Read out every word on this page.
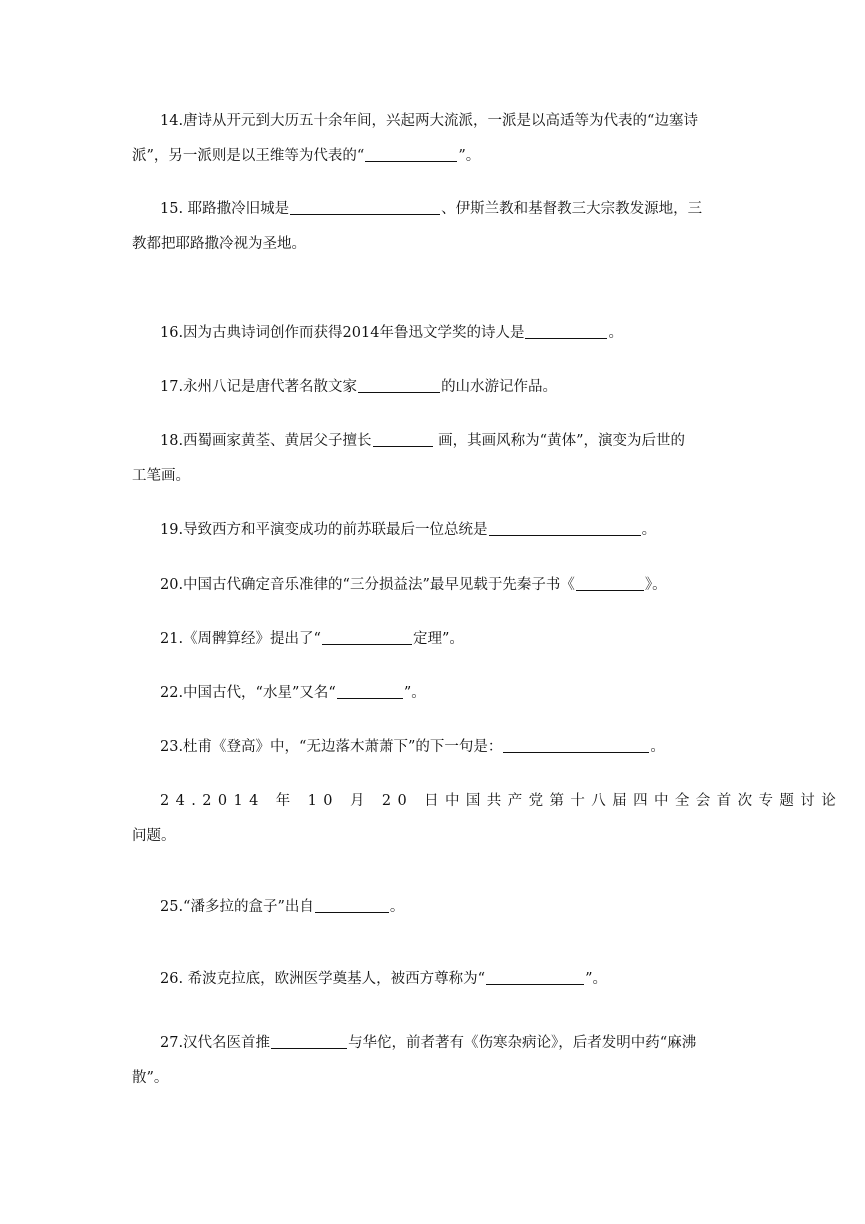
14.唐诗从开元到大历五十余年间，兴起两大流派，一派是以高适等为代表的“边塞诗
派”，另一派则是以王维等为代表的“	”。
15. 耶路撒冷旧城是	、伊斯兰教和基督教三大宗教发源地，三
教都把耶路撒冷视为圣地。
16.因为古典诗词创作而获得2014年鲁迅文学奖的诗人是	。
17.永州八记是唐代著名散文家	的山水游记作品。
18.西蜀画家黄荃、黄居父子擅长	画，其画风称为“黄体”，演变为后世的
工笔画。
19.导致西方和平演变成功的前苏联最后一位总统是	。
20.中国古代确定音乐准律的“三分损益法”最早见载于先秦子书《	》。
21.《周髀算经》提出了“	定理”。
22.中国古代，“水星”又名“	”。
23.杜甫《登高》中，“无边落木萧萧下”的下一句是：	。
24.2014 年 10 月 20 日中国共产党第十八届四中全会首次专题讨论
问题。
25.“潘多拉的盒子”出自	。
26. 希波克拉底，欧洲医学奠基人，被西方尊称为“	”。
27.汉代名医首推	与华佗，前者著有《伤寒杂病论》，后者发明中药“麻沸
散”。
